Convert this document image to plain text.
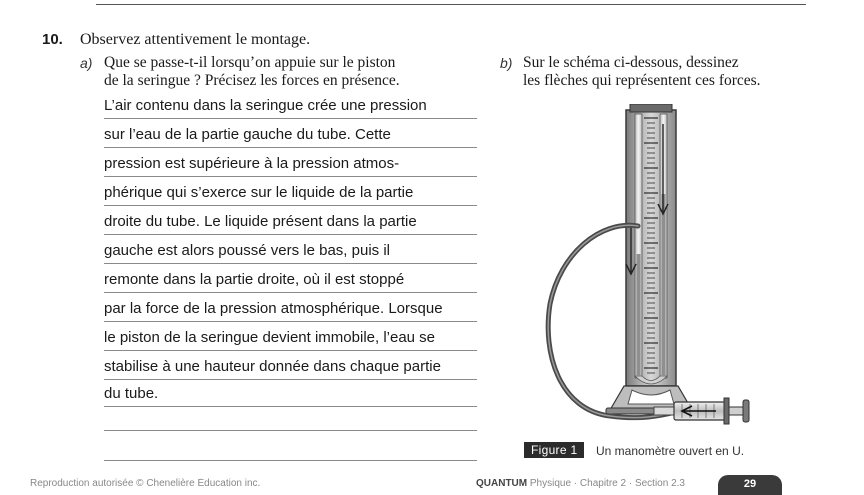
10. Observez attentivement le montage.
a) Que se passe-t-il lorsqu’on appuie sur le piston
de la seringue ? Précisez les forces en présence.
L’air contenu dans la seringue crée une pression
sur l’eau de la partie gauche du tube. Cette
pression est supérieure à la pression atmos-
phérique qui s’exerce sur le liquide de la partie
droite du tube. Le liquide présent dans la partie
gauche est alors poussé vers le bas, puis il
remonte dans la partie droite, où il est stoppé
par la force de la pression atmosphérique. Lorsque
le piston de la seringue devient immobile, l’eau se
stabilise à une hauteur donnée dans chaque partie
du tube.
b) Sur le schéma ci-dessous, dessinez
les flèches qui représentent ces forces.
Figure 1	Un manomètre ouvert en U.
Reproduction autorisée © Chenelière Éducation inc.	QUANTUM Physique · Chapitre 2 · Section 2.3	29
